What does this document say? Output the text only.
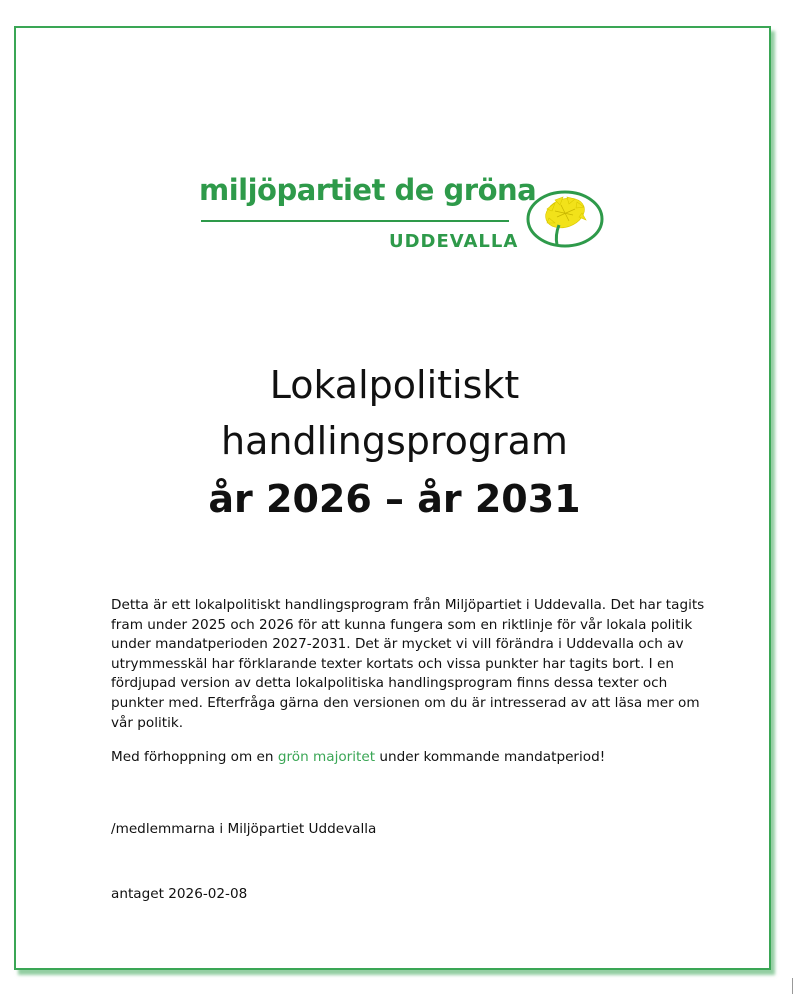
miljöpartiet de gröna
UDDEVALLA
Lokalpolitiskt
handlingsprogram
år 2026 – år 2031

Detta är ett lokalpolitiskt handlingsprogram från Miljöpartiet i Uddevalla. Det har tagits fram under 2025 och 2026 för att kunna fungera som en riktlinje för vår lokala politik under mandatperioden 2027-2031. Det är mycket vi vill förändra i Uddevalla och av utrymmesskäl har förklarande texter kortats och vissa punkter har tagits bort. I en fördjupad version av detta lokalpolitiska handlingsprogram finns dessa texter och punkter med. Efterfråga gärna den versionen om du är intresserad av att läsa mer om vår politik.

Med förhoppning om en grön majoritet under kommande mandatperiod!

/medlemmarna i Miljöpartiet Uddevalla
antaget 2026-02-08
